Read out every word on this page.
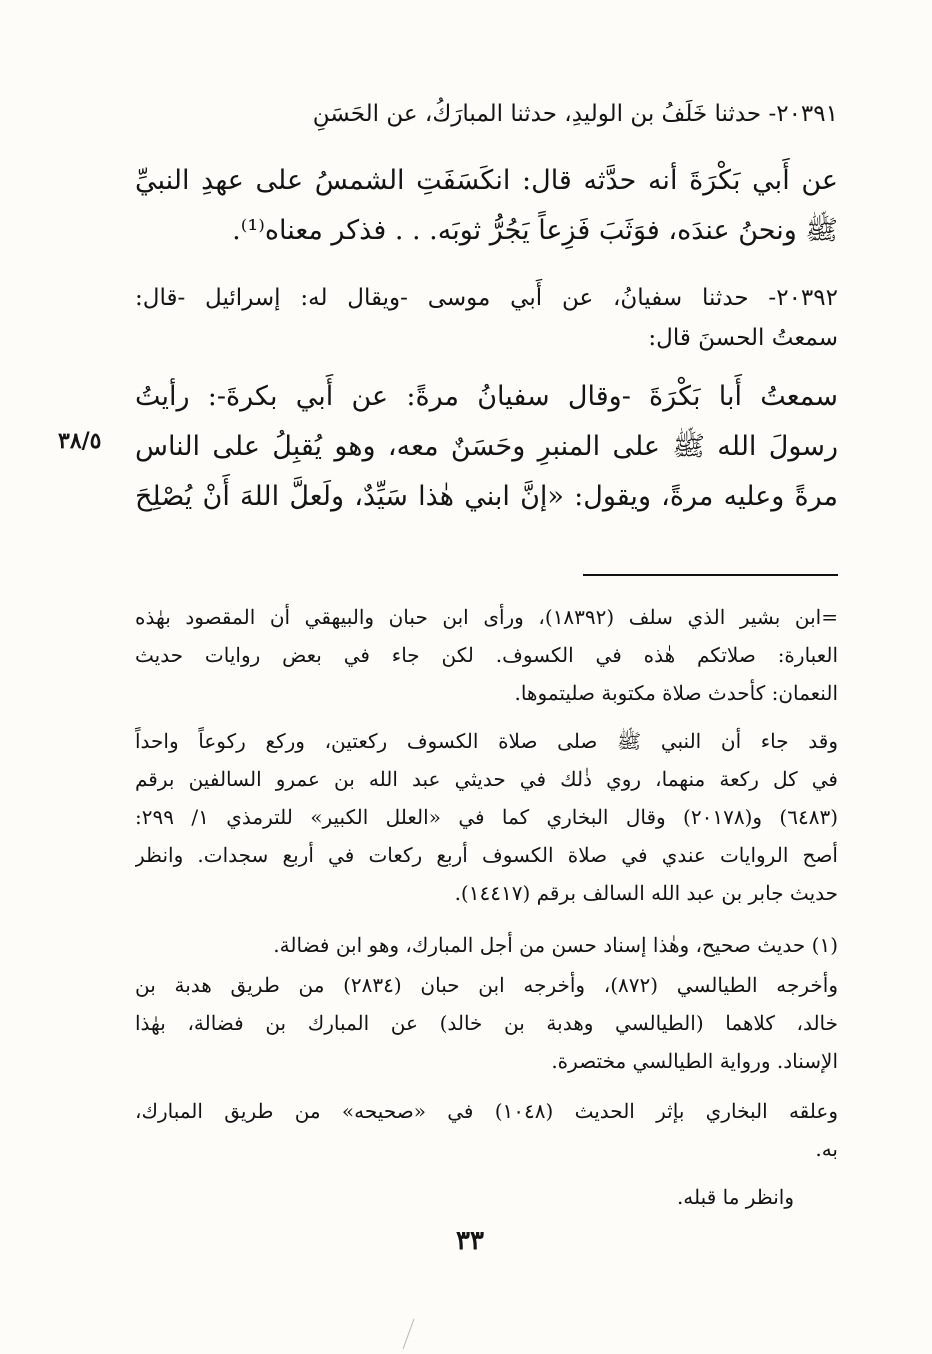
٢٠٣٩١- حدثنا خَلَفُ بن الوليدِ، حدثنا المبارَكُ، عن الحَسَنِ
عن أَبي بَكْرَةَ أنه حدَّثه قال: انكَسَفَتِ الشمسُ على عهدِ النبيِّ
ﷺ ونحنُ عندَه، فوَثَبَ فَزِعاً يَجُرُّ ثوبَه. . . فذكر معناه⁽¹⁾.
٢٠٣٩٢- حدثنا سفيانُ، عن أَبي موسى -ويقال له: إسرائيل -قال:
سمعتُ الحسنَ قال:
سمعتُ أَبا بَكْرَةَ -وقال سفيانُ مرةً: عن أَبي بكرةَ-: رأيتُ
رسولَ الله ﷺ على المنبرِ وحَسَنٌ معه، وهو يُقبِلُ على الناس
مرةً وعليه مرةً، ويقول: «إنَّ ابني هٰذا سَيِّدٌ، ولَعلَّ اللهَ أَنْ يُصْلِحَ
٣٨/٥
=ابن بشير الذي سلف (١٨٣٩٢)، ورأى ابن حبان والبيهقي أن المقصود بهٰذه
العبارة: صلاتكم هٰذه في الكسوف. لكن جاء في بعض روايات حديث
النعمان: كأحدث صلاة مكتوبة صليتموها.
وقد جاء أن النبي ﷺ صلى صلاة الكسوف ركعتين، وركع ركوعاً واحداً
في كل ركعة منهما، روي ذٰلك في حديثي عبد الله بن عمرو السالفين برقم
(٦٤٨٣) و(٢٠١٧٨) وقال البخاري كما في «العلل الكبير» للترمذي ١/ ٢٩٩:
أصح الروايات عندي في صلاة الكسوف أربع ركعات في أربع سجدات. وانظر
حديث جابر بن عبد الله السالف برقم (١٤٤١٧).
(١) حديث صحيح، وهٰذا إسناد حسن من أجل المبارك، وهو ابن فضالة.
وأخرجه الطيالسي (٨٧٢)، وأخرجه ابن حبان (٢٨٣٤) من طريق هدبة بن
خالد، كلاهما (الطيالسي وهدبة بن خالد) عن المبارك بن فضالة، بهٰذا
الإسناد. ورواية الطيالسي مختصرة.
وعلقه البخاري بإثر الحديث (١٠٤٨) في «صحيحه» من طريق المبارك،
به.
وانظر ما قبله.
٣٣
